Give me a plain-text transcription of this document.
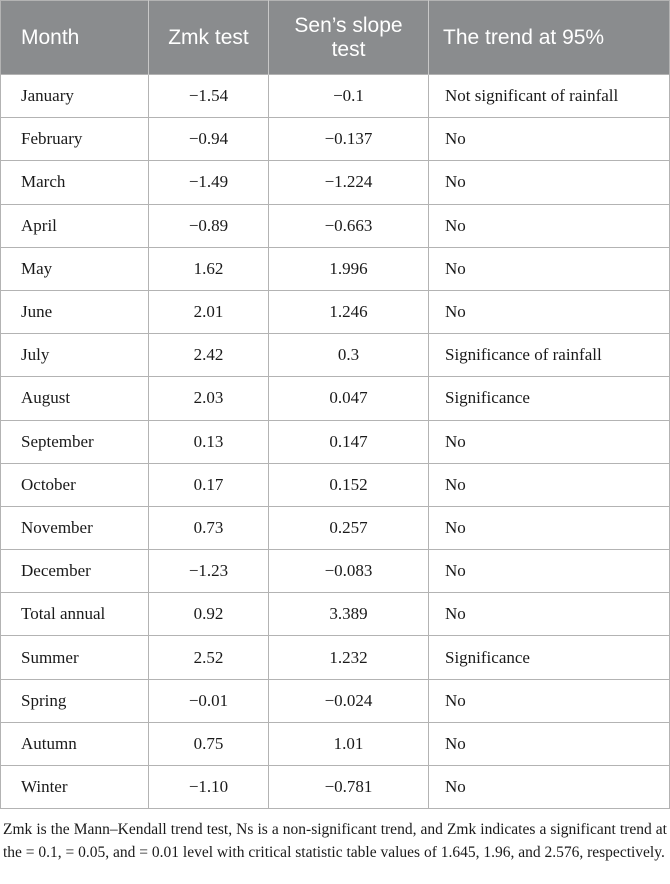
Month	Zmk test	Sen’s slope test	The trend at 95%
January	−1.54	−0.1	Not significant of rainfall
February	−0.94	−0.137	No
March	−1.49	−1.224	No
April	−0.89	−0.663	No
May	1.62	1.996	No
June	2.01	1.246	No
July	2.42	0.3	Significance of rainfall
August	2.03	0.047	Significance
September	0.13	0.147	No
October	0.17	0.152	No
November	0.73	0.257	No
December	−1.23	−0.083	No
Total annual	0.92	3.389	No
Summer	2.52	1.232	Significance
Spring	−0.01	−0.024	No
Autumn	0.75	1.01	No
Winter	−1.10	−0.781	No

Zmk is the Mann–Kendall trend test, Ns is a non-significant trend, and Zmk indicates a significant trend at the = 0.1, = 0.05, and = 0.01 level with critical statistic table values of 1.645, 1.96, and 2.576, respectively.
